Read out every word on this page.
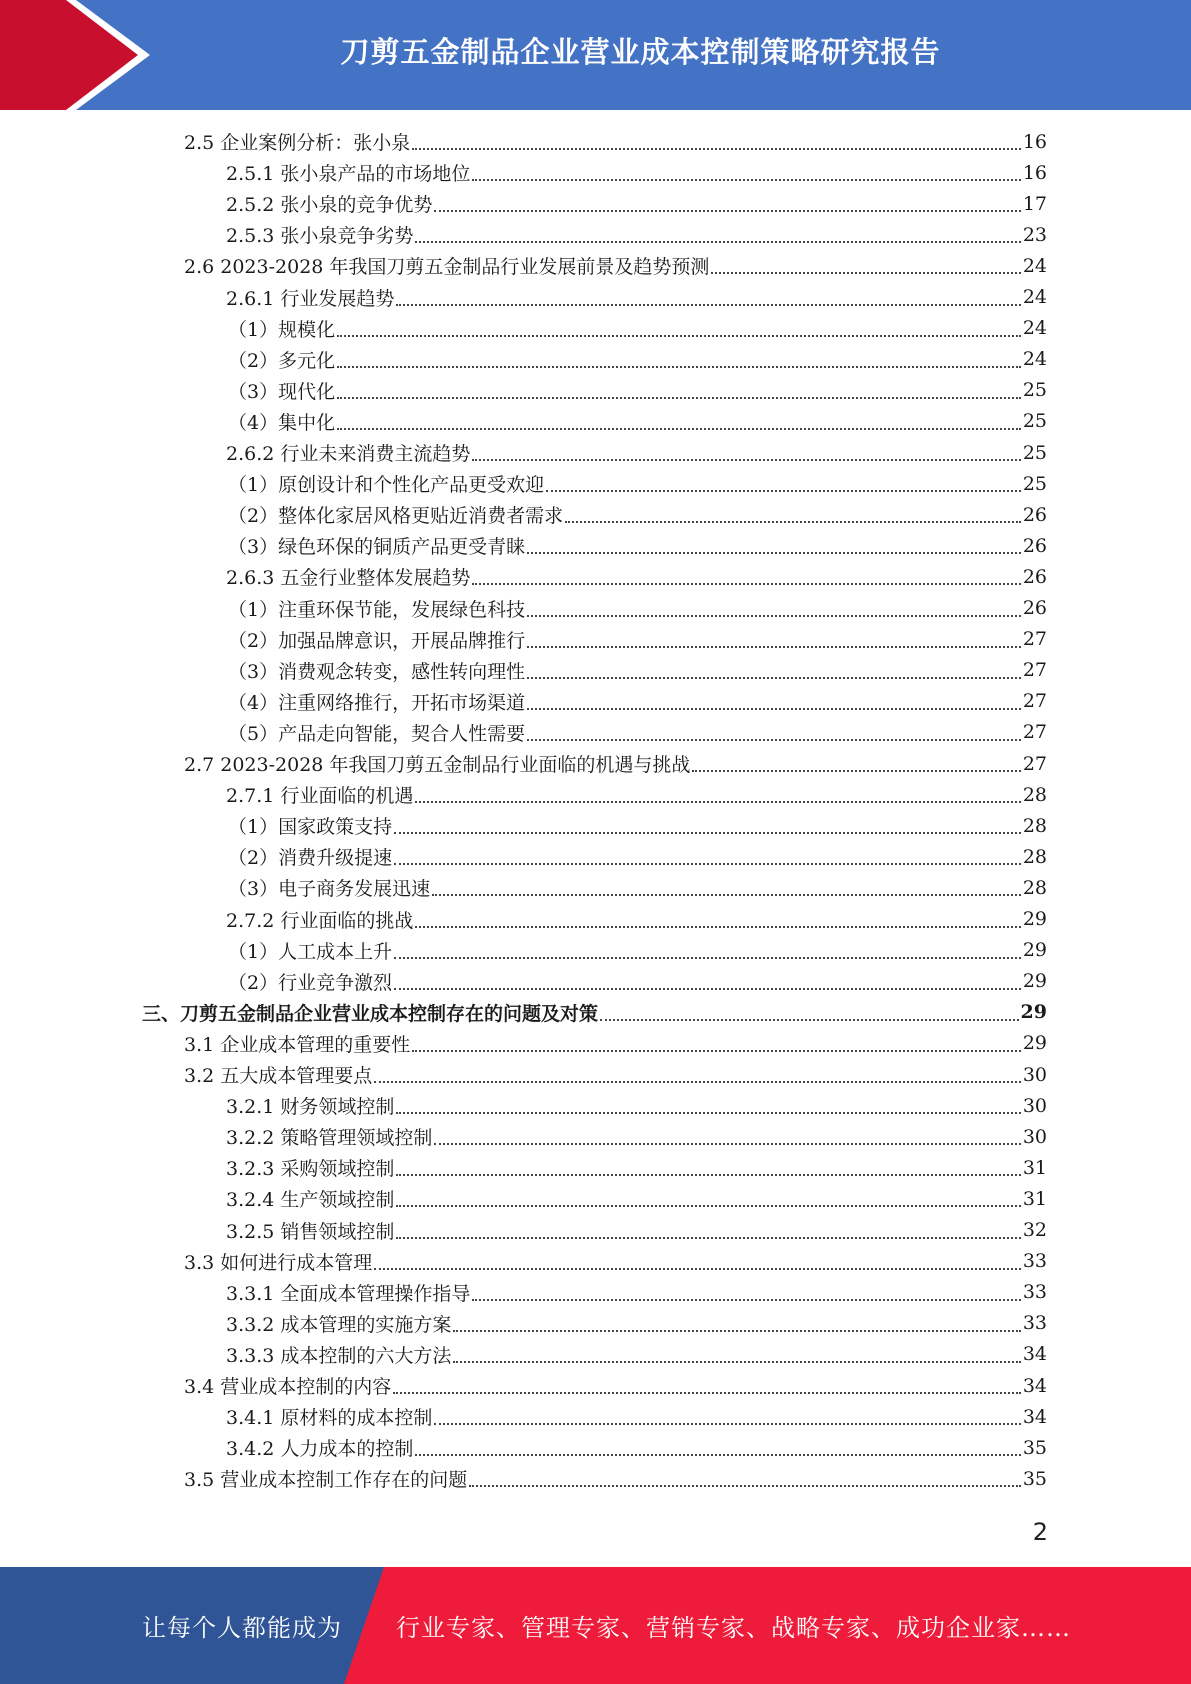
刀剪五金制品企业营业成本控制策略研究报告
2.5 企业案例分析：张小泉	16
2.5.1 张小泉产品的市场地位	16
2.5.2 张小泉的竞争优势	17
2.5.3 张小泉竞争劣势	23
2.6 2023-2028 年我国刀剪五金制品行业发展前景及趋势预测	24
2.6.1 行业发展趋势	24
（1）规模化	24
（2）多元化	24
（3）现代化	25
（4）集中化	25
2.6.2 行业未来消费主流趋势	25
（1）原创设计和个性化产品更受欢迎	25
（2）整体化家居风格更贴近消费者需求	26
（3）绿色环保的铜质产品更受青睐	26
2.6.3 五金行业整体发展趋势	26
（1）注重环保节能，发展绿色科技	26
（2）加强品牌意识，开展品牌推行	27
（3）消费观念转变，感性转向理性	27
（4）注重网络推行，开拓市场渠道	27
（5）产品走向智能，契合人性需要	27
2.7 2023-2028 年我国刀剪五金制品行业面临的机遇与挑战	27
2.7.1 行业面临的机遇	28
（1）国家政策支持	28
（2）消费升级提速	28
（3）电子商务发展迅速	28
2.7.2 行业面临的挑战	29
（1）人工成本上升	29
（2）行业竞争激烈	29
三、刀剪五金制品企业营业成本控制存在的问题及对策	29
3.1 企业成本管理的重要性	29
3.2 五大成本管理要点	30
3.2.1 财务领域控制	30
3.2.2 策略管理领域控制	30
3.2.3 采购领域控制	31
3.2.4 生产领域控制	31
3.2.5 销售领域控制	32
3.3 如何进行成本管理	33
3.3.1 全面成本管理操作指导	33
3.3.2 成本管理的实施方案	33
3.3.3 成本控制的六大方法	34
3.4 营业成本控制的内容	34
3.4.1 原材料的成本控制	34
3.4.2 人力成本的控制	35
3.5 营业成本控制工作存在的问题	35
2
让每个人都能成为 行业专家、管理专家、营销专家、战略专家、成功企业家……
